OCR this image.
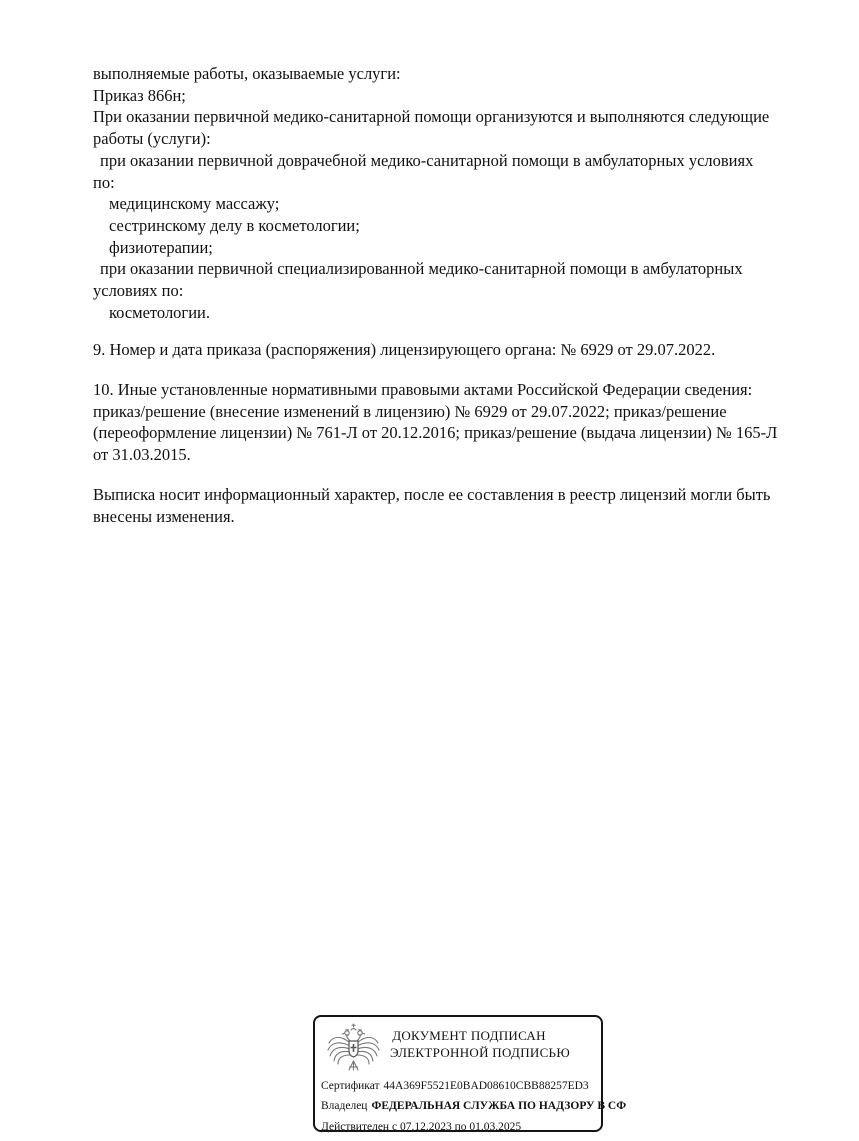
выполняемые работы, оказываемые услуги:
Приказ 866н;
При оказании первичной медико-санитарной помощи организуются и выполняются следующие
работы (услуги):
при оказании первичной доврачебной медико-санитарной помощи в амбулаторных условиях
по:
медицинскому массажу;
сестринскому делу в косметологии;
физиотерапии;
при оказании первичной специализированной медико-санитарной помощи в амбулаторных
условиях по:
косметологии.
9. Номер и дата приказа (распоряжения) лицензирующего органа: № 6929 от 29.07.2022.
10. Иные установленные нормативными правовыми актами Российской Федерации сведения:
приказ/решение (внесение изменений в лицензию) № 6929 от 29.07.2022; приказ/решение
(переоформление лицензии) № 761-Л от 20.12.2016; приказ/решение (выдача лицензии) № 165-Л
от 31.03.2015.
Выписка носит информационный характер, после ее составления в реестр лицензий могли быть
внесены изменения.
ДОКУМЕНТ ПОДПИСАН
ЭЛЕКТРОННОЙ ПОДПИСЬЮ
Сертификат 44A369F5521E0BAD08610CBB88257ED3
Владелец ФЕДЕРАЛЬНАЯ СЛУЖБА ПО НАДЗОРУ В СФ
Действителен с 07.12.2023 по 01.03.2025
